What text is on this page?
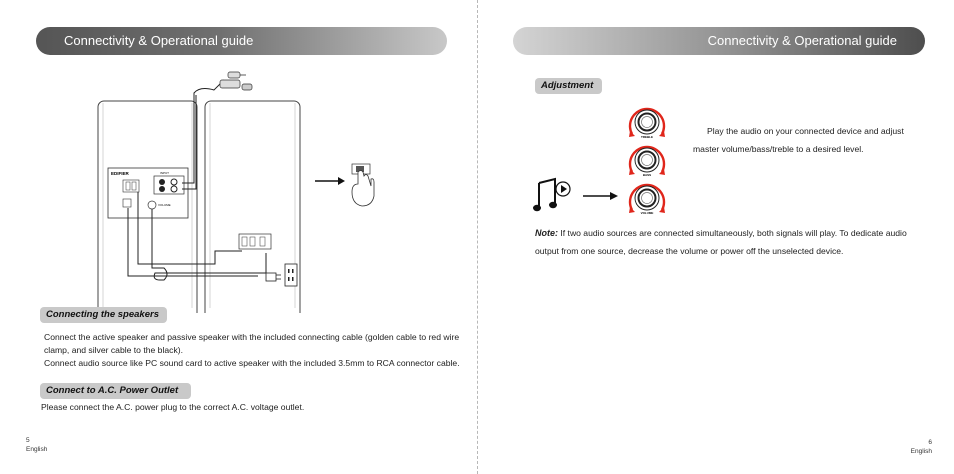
Connectivity & Operational guide
EDIFIER	INPUT
VOLUME
Connecting the speakers
Connect the active speaker and passive speaker with the included connecting cable (golden cable to red wire
clamp, and silver cable to the black).
Connect audio source like PC sound card to active speaker with the included 3.5mm to RCA connector cable.
Connect to A.C. Power Outlet
Please connect the A.C. power plug to the correct A.C. voltage outlet.
5
English
Connectivity & Operational guide
Adjustment
TREBLE
BASS
VOLUME
Play the audio on your connected device and adjust
master volume/bass/treble to a desired level.
Note: If two audio sources are connected simultaneously, both signals will play. To dedicate audio
output from one source, decrease the volume or power off the unselected device.
6
English
